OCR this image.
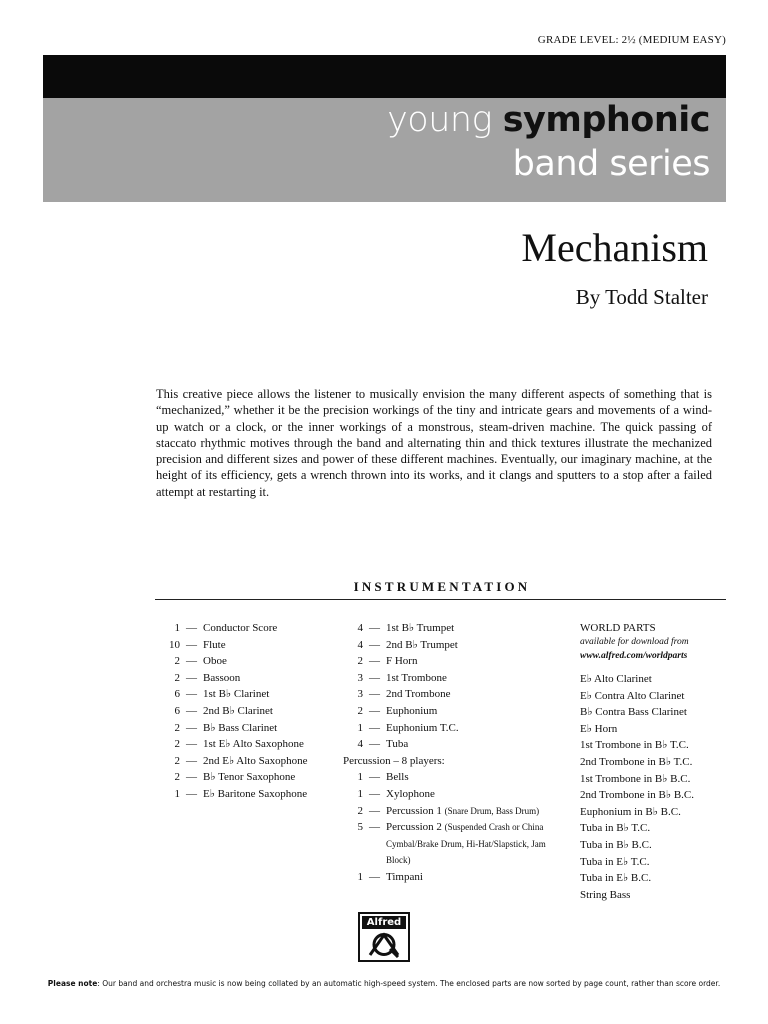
GRADE LEVEL: 2½ (MEDIUM EASY)
young symphonic
band series
Mechanism
By Todd Stalter
This creative piece allows the listener to musically envision the many different aspects of something that is “mechanized,” whether it be the precision workings of the tiny and intricate gears and movements of a wind-up watch or a clock, or the inner workings of a monstrous, steam-driven machine. The quick passing of staccato rhythmic motives through the band and alternating thin and thick textures illustrate the mechanized precision and different sizes and power of these different machines. Eventually, our imaginary machine, at the height of its efficiency, gets a wrench thrown into its works, and it clangs and sputters to a stop after a failed attempt at restarting it.
INSTRUMENTATION
1 — Conductor Score
10 — Flute
2 — Oboe
2 — Bassoon
6 — 1st B♭ Clarinet
6 — 2nd B♭ Clarinet
2 — B♭ Bass Clarinet
2 — 1st E♭ Alto Saxophone
2 — 2nd E♭ Alto Saxophone
2 — B♭ Tenor Saxophone
1 — E♭ Baritone Saxophone
4 — 1st B♭ Trumpet
4 — 2nd B♭ Trumpet
2 — F Horn
3 — 1st Trombone
3 — 2nd Trombone
2 — Euphonium
1 — Euphonium T.C.
4 — Tuba
Percussion – 8 players:
1 — Bells
1 — Xylophone
2 — Percussion 1 (Snare Drum, Bass Drum)
5 — Percussion 2 (Suspended Crash or China Cymbal/Brake Drum, Hi-Hat/Slapstick, Jam Block)
1 — Timpani
WORLD PARTS
available for download from
www.alfred.com/worldparts
E♭ Alto Clarinet
E♭ Contra Alto Clarinet
B♭ Contra Bass Clarinet
E♭ Horn
1st Trombone in B♭ T.C.
2nd Trombone in B♭ T.C.
1st Trombone in B♭ B.C.
2nd Trombone in B♭ B.C.
Euphonium in B♭ B.C.
Tuba in B♭ T.C.
Tuba in B♭ B.C.
Tuba in E♭ T.C.
Tuba in E♭ B.C.
String Bass
Alfred
Please note: Our band and orchestra music is now being collated by an automatic high-speed system. The enclosed parts are now sorted by page count, rather than score order.
